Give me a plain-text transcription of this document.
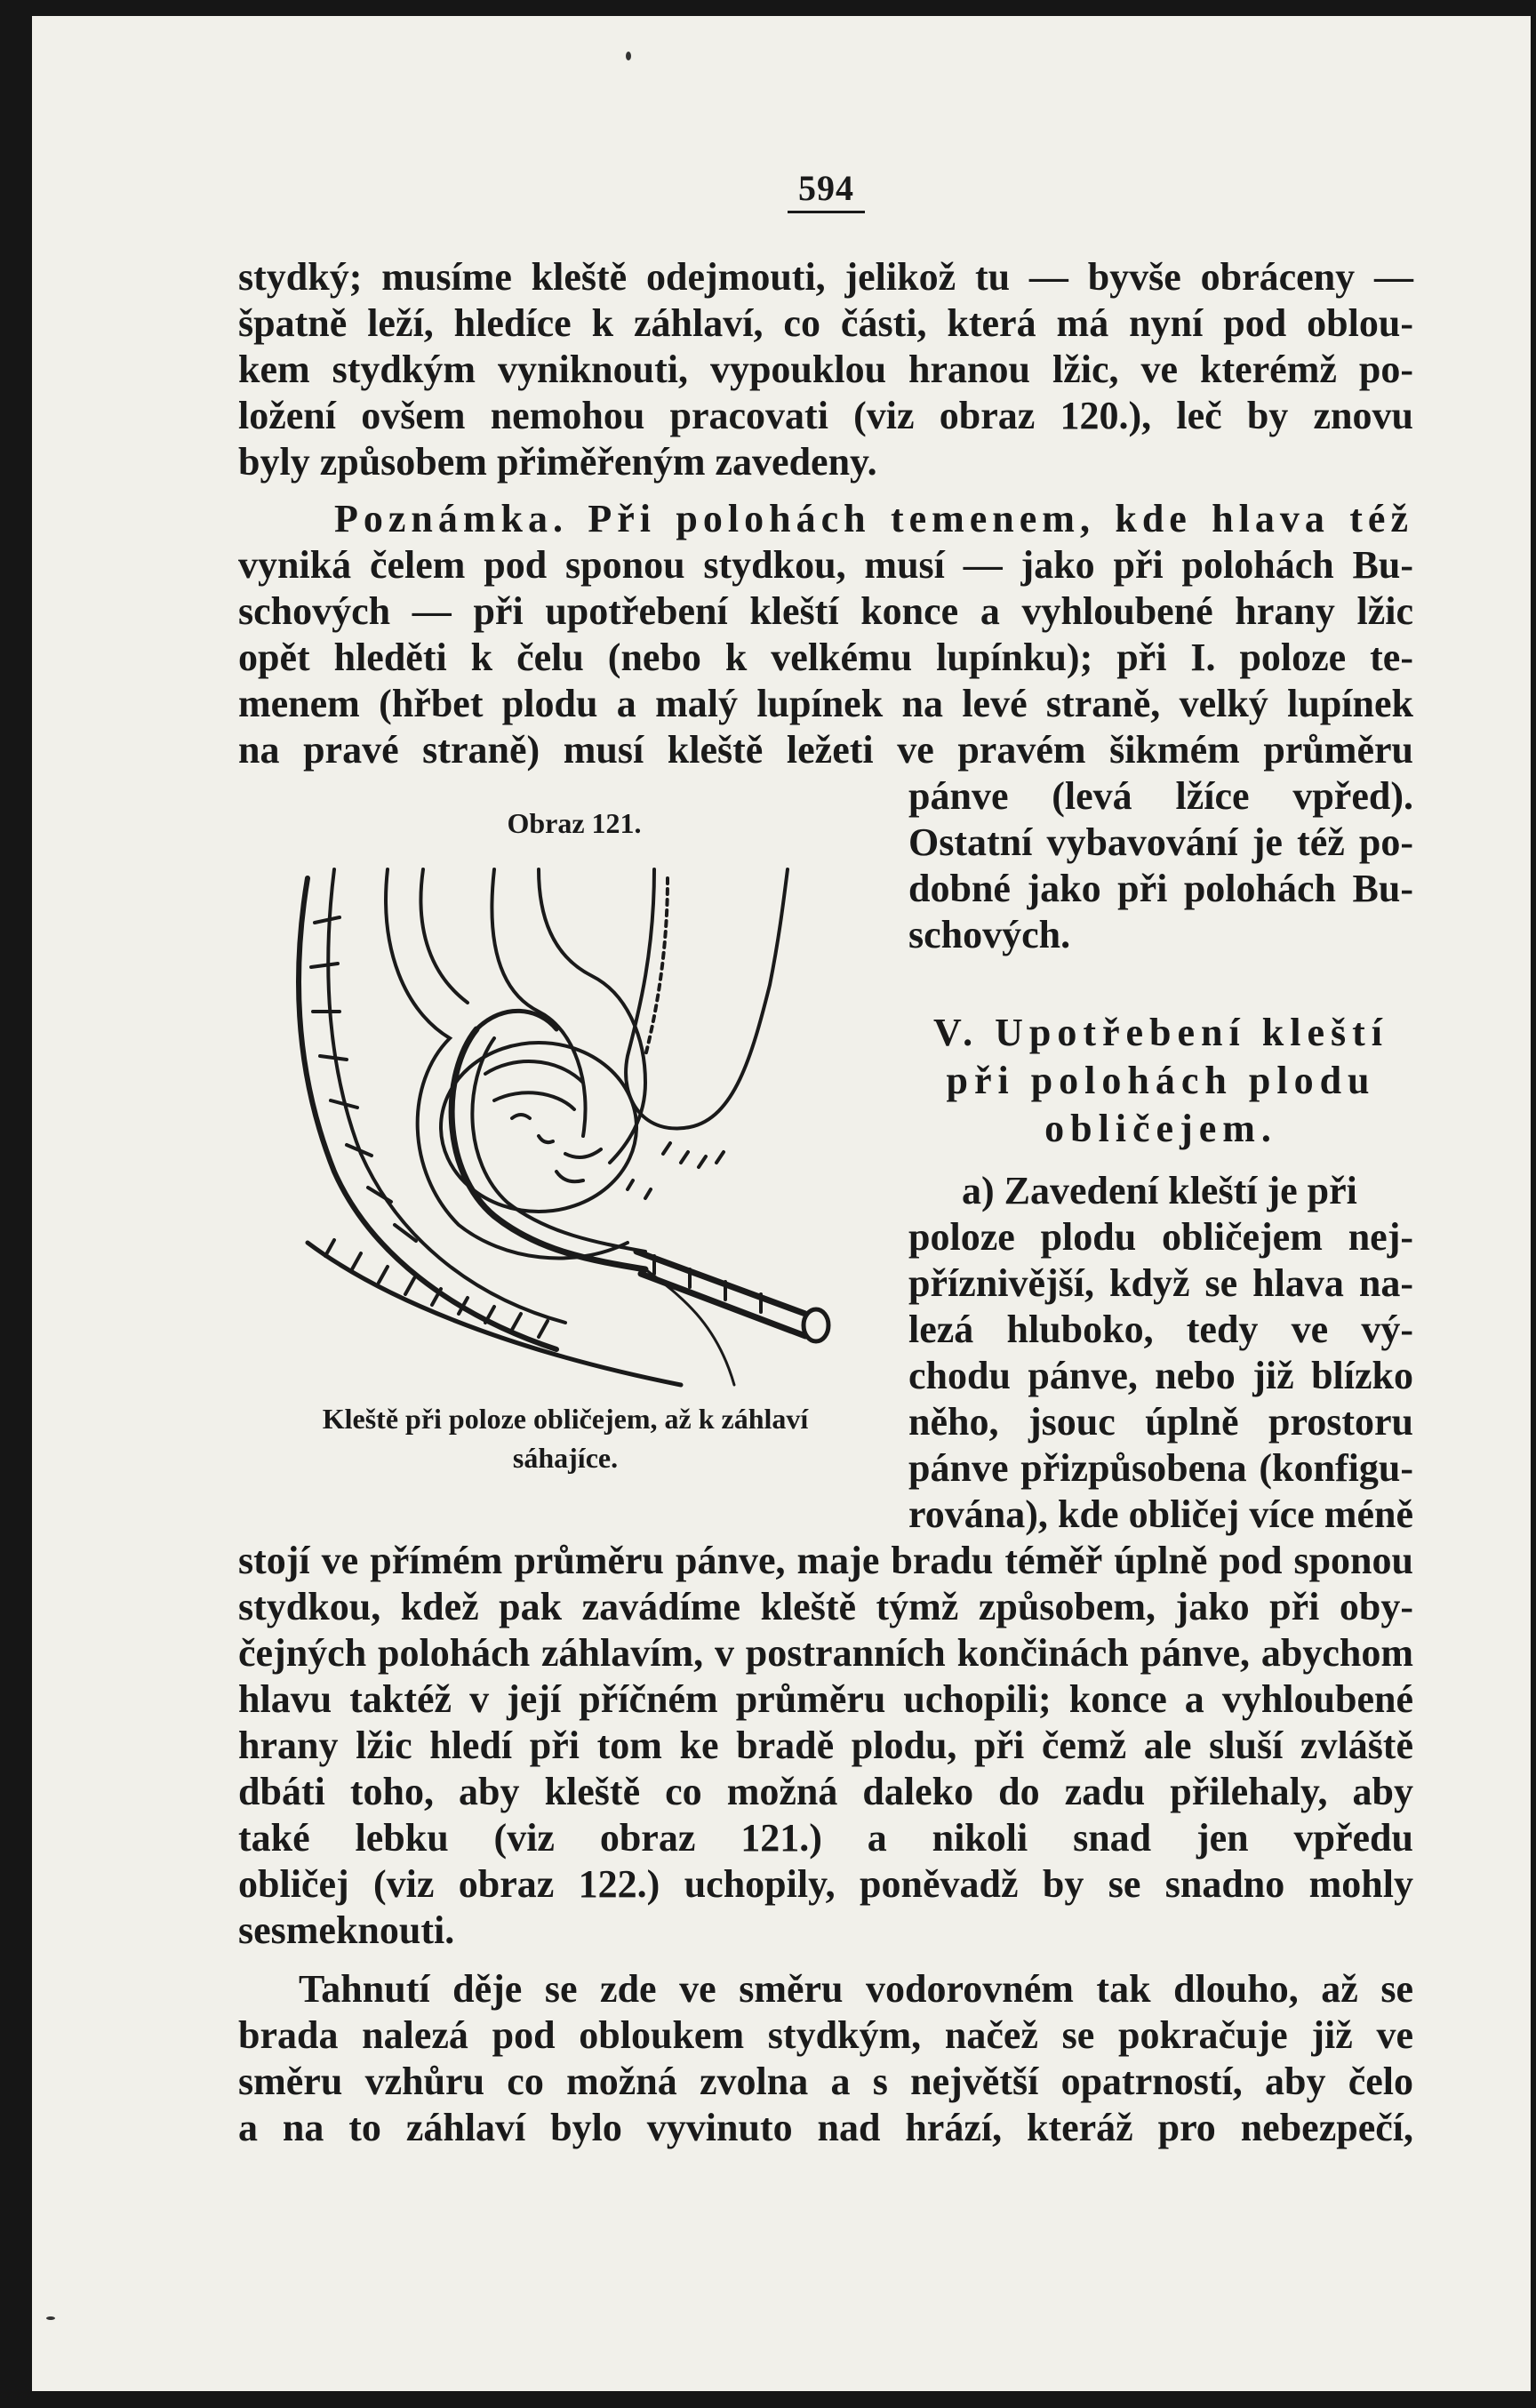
594
stydký; musíme kleště odejmouti, jelikož tu — byvše obráceny —
špatně leží, hledíce k záhlaví, co části, která má nyní pod oblou-
kem stydkým vyniknouti, vypouklou hranou lžic, ve kterémž po-
ložení ovšem nemohou pracovati (viz obraz 120.), leč by znovu
byly způsobem přiměřeným zavedeny.
Poznámka. Při polohách temenem, kde hlava též
vyniká čelem pod sponou stydkou, musí — jako při polohách Bu-
schových — při upotřebení kleští konce a vyhloubené hrany lžic
opět hleděti k čelu (nebo k velkému lupínku); při I. poloze te-
menem (hřbet plodu a malý lupínek na levé straně, velký lupínek
na pravé straně) musí kleště ležeti ve pravém šikmém průměru
pánve (levá lžíce vpřed).
Ostatní vybavování je též po-
dobné jako při polohách Bu-
schových.
Obraz 121.
Kleště při poloze obličejem, až k záhlaví
sáhajíce.
V. Upotřebení kleští
při polohách plodu
obličejem.
a) Zavedení kleští je při
poloze plodu obličejem nej-
příznivější, když se hlava na-
lezá hluboko, tedy ve vý-
chodu pánve, nebo již blízko
něho, jsouc úplně prostoru
pánve přizpůsobena (konfigu-
rována), kde obličej více méně
stojí ve přímém průměru pánve, maje bradu téměř úplně pod sponou
stydkou, kdež pak zavádíme kleště týmž způsobem, jako při oby-
čejných polohách záhlavím, v postranních končinách pánve, abychom
hlavu taktéž v její příčném průměru uchopili; konce a vyhloubené
hrany lžic hledí při tom ke bradě plodu, při čemž ale sluší zvláště
dbáti toho, aby kleště co možná daleko do zadu přilehaly, aby
také lebku (viz obraz 121.) a nikoli snad jen vpředu
obličej (viz obraz 122.) uchopily, poněvadž by se snadno mohly
sesmeknouti.
Tahnutí děje se zde ve směru vodorovném tak dlouho, až se
brada nalezá pod obloukem stydkým, načež se pokračuje již ve
směru vzhůru co možná zvolna a s největší opatrností, aby čelo
a na to záhlaví bylo vyvinuto nad hrází, kteráž pro nebezpečí,
